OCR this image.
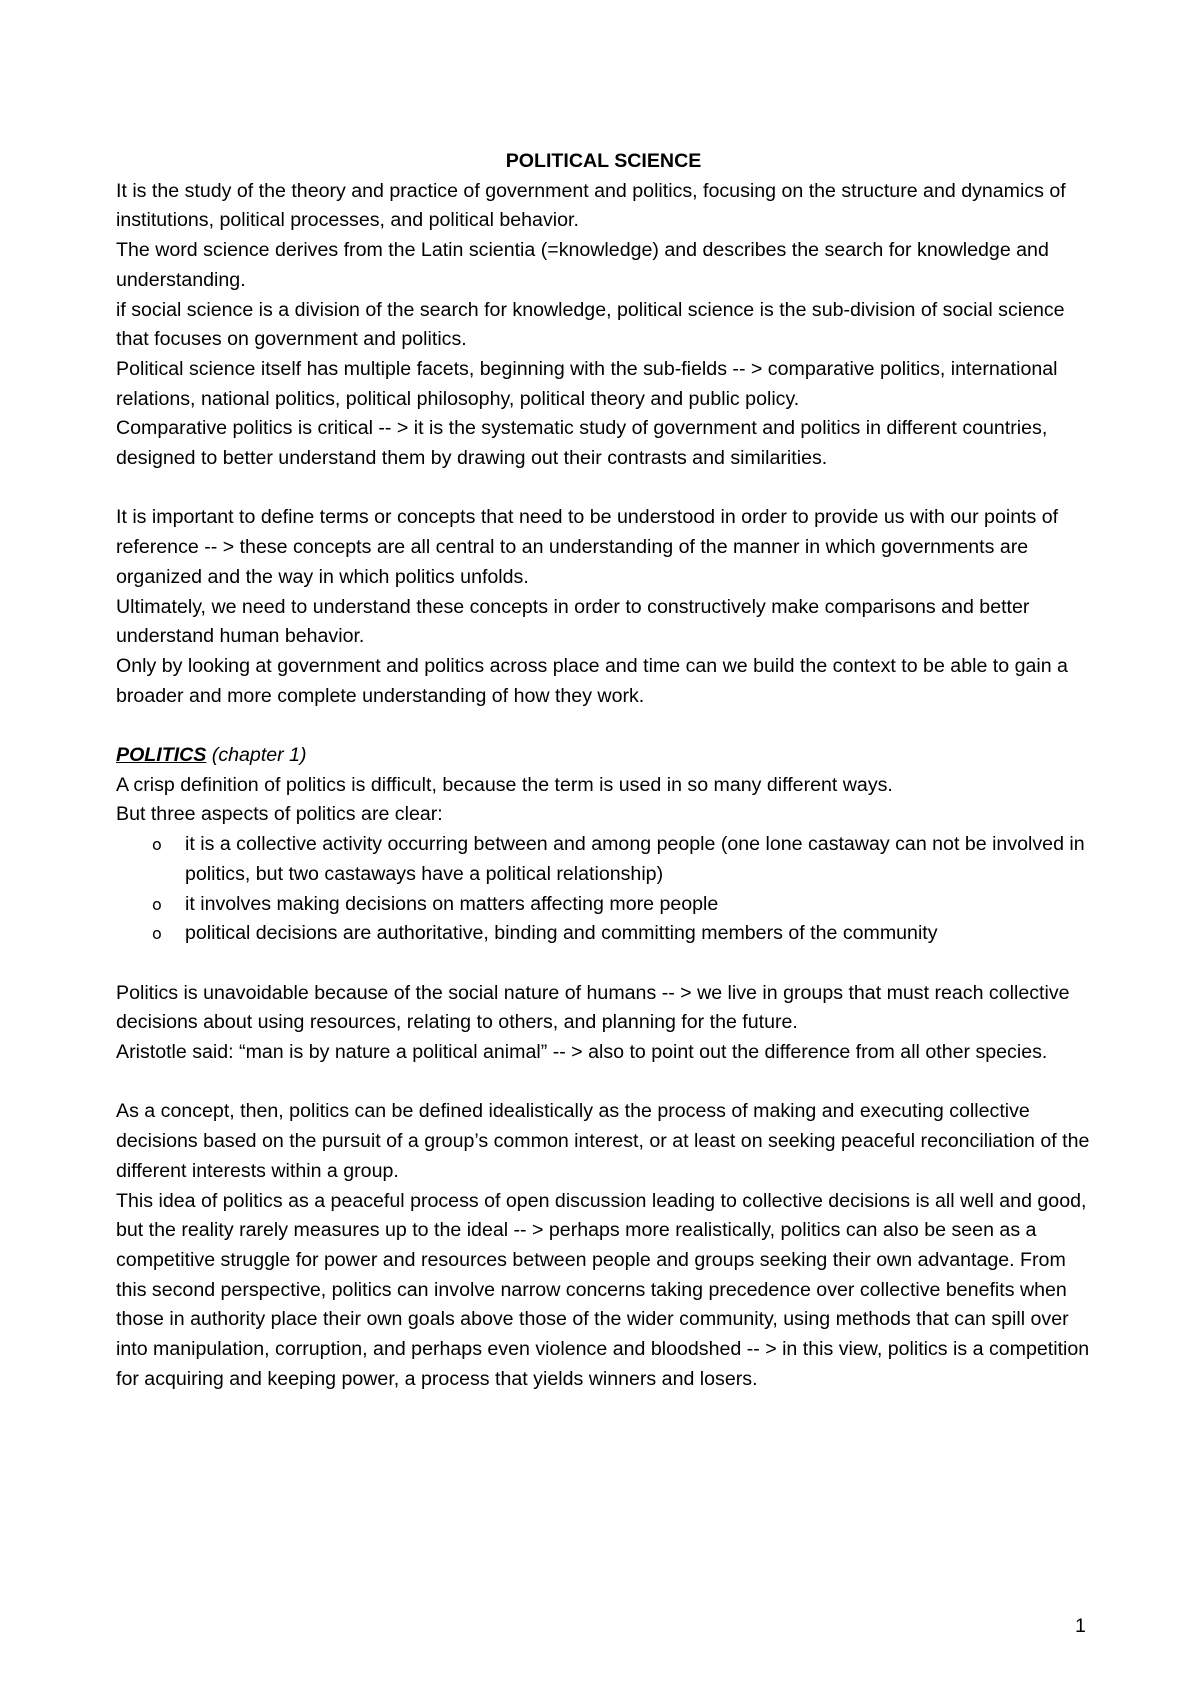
POLITICAL SCIENCE

It is the study of the theory and practice of government and politics, focusing on the structure and dynamics of institutions, political processes, and political behavior.

The word science derives from the Latin scientia (=knowledge) and describes the search for knowledge and understanding.

if social science is a division of the search for knowledge, political science is the sub-division of social science that focuses on government and politics.

Political science itself has multiple facets, beginning with the sub-fields -- > comparative politics, international relations, national politics, political philosophy, political theory and public policy.

Comparative politics is critical -- > it is the systematic study of government and politics in different countries, designed to better understand them by drawing out their contrasts and similarities.

It is important to define terms or concepts that need to be understood in order to provide us with our points of reference -- > these concepts are all central to an understanding of the manner in which governments are organized and the way in which politics unfolds.

Ultimately, we need to understand these concepts in order to constructively make comparisons and better understand human behavior.

Only by looking at government and politics across place and time can we build the context to be able to gain a broader and more complete understanding of how they work.

POLITICS (chapter 1)

A crisp definition of politics is difficult, because the term is used in so many different ways.

But three aspects of politics are clear:

o	it is a collective activity occurring between and among people (one lone castaway can not be involved in politics, but two castaways have a political relationship)
o	it involves making decisions on matters affecting more people
o	political decisions are authoritative, binding and committing members of the community

Politics is unavoidable because of the social nature of humans -- > we live in groups that must reach collective decisions about using resources, relating to others, and planning for the future.

Aristotle said: “man is by nature a political animal” -- > also to point out the difference from all other species.

As a concept, then, politics can be defined idealistically as the process of making and executing collective decisions based on the pursuit of a group’s common interest, or at least on seeking peaceful reconciliation of the different interests within a group.

This idea of politics as a peaceful process of open discussion leading to collective decisions is all well and good, but the reality rarely measures up to the ideal -- > perhaps more realistically, politics can also be seen as a competitive struggle for power and resources between people and groups seeking their own advantage. From this second perspective, politics can involve narrow concerns taking precedence over collective benefits when those in authority place their own goals above those of the wider community, using methods that can spill over into manipulation, corruption, and perhaps even violence and bloodshed -- > in this view, politics is a competition for acquiring and keeping power, a process that yields winners and losers.

1
